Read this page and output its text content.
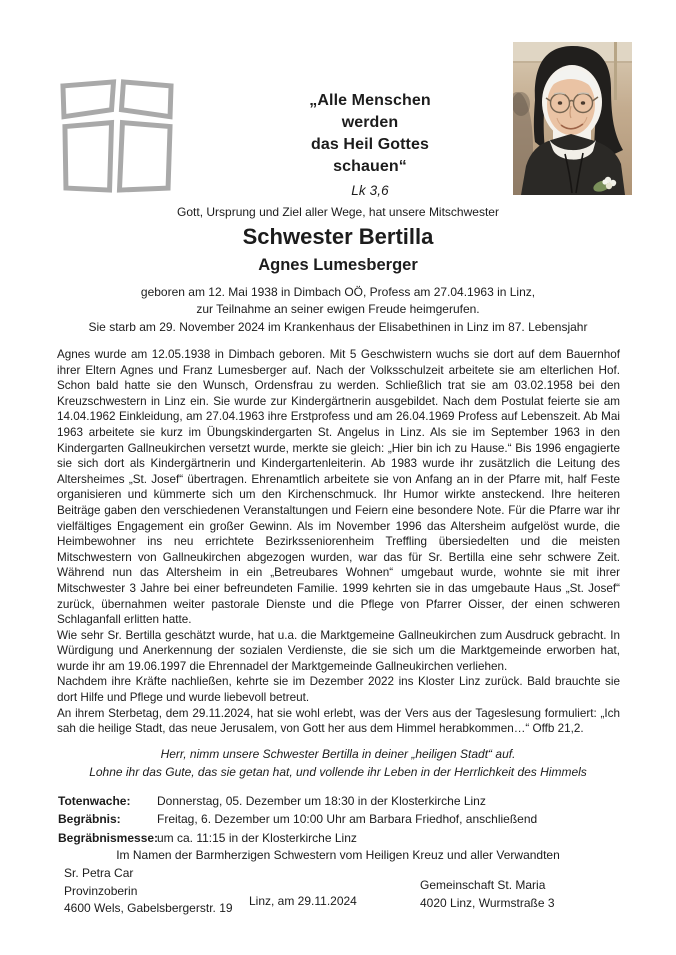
„Alle Menschen
werden
das Heil Gottes
schauen“
Lk 3,6
Gott, Ursprung und Ziel aller Wege, hat unsere Mitschwester
Schwester Bertilla
Agnes Lumesberger
geboren am 12. Mai 1938 in Dimbach OÖ, Profess am 27.04.1963 in Linz,
zur Teilnahme an seiner ewigen Freude heimgerufen.
Sie starb am 29. November 2024 im Krankenhaus der Elisabethinen in Linz im 87. Lebensjahr

Agnes wurde am 12.05.1938 in Dimbach geboren. Mit 5 Geschwistern wuchs sie dort auf dem Bauernhof ihrer Eltern Agnes und Franz Lumesberger auf. Nach der Volksschulzeit arbeitete sie am elterlichen Hof. Schon bald hatte sie den Wunsch, Ordensfrau zu werden. Schließlich trat sie am 03.02.1958 bei den Kreuzschwestern in Linz ein. Sie wurde zur Kindergärtnerin ausgebildet. Nach dem Postulat feierte sie am 14.04.1962 Einkleidung, am 27.04.1963 ihre Erstprofess und am 26.04.1969 Profess auf Lebenszeit. Ab Mai 1963 arbeitete sie kurz im Übungskindergarten St. Angelus in Linz. Als sie im September 1963 in den Kindergarten Gallneukirchen versetzt wurde, merkte sie gleich: „Hier bin ich zu Hause.“ Bis 1996 engagierte sie sich dort als Kindergärtnerin und Kindergartenleiterin. Ab 1983 wurde ihr zusätzlich die Leitung des Altersheimes „St. Josef“ übertragen. Ehrenamtlich arbeitete sie von Anfang an in der Pfarre mit, half Feste organisieren und kümmerte sich um den Kirchenschmuck. Ihr Humor wirkte ansteckend. Ihre heiteren Beiträge gaben den verschiedenen Veranstaltungen und Feiern eine besondere Note. Für die Pfarre war ihr vielfältiges Engagement ein großer Gewinn. Als im November 1996 das Altersheim aufgelöst wurde, die Heimbewohner ins neu errichtete Bezirksseniorenheim Treffling übersiedelten und die meisten Mitschwestern von Gallneukirchen abgezogen wurden, war das für Sr. Bertilla eine sehr schwere Zeit. Während nun das Altersheim in ein „Betreubares Wohnen“ umgebaut wurde, wohnte sie mit ihrer Mitschwester 3 Jahre bei einer befreundeten Familie. 1999 kehrten sie in das umgebaute Haus „St. Josef“ zurück, übernahmen weiter pastorale Dienste und die Pflege von Pfarrer Oisser, der einen schweren Schlaganfall erlitten hatte.

Wie sehr Sr. Bertilla geschätzt wurde, hat u.a. die Marktgemeine Gallneukirchen zum Ausdruck gebracht. In Würdigung und Anerkennung der sozialen Verdienste, die sie sich um die Marktgemeinde erworben hat, wurde ihr am 19.06.1997 die Ehrennadel der Marktgemeinde Gallneukirchen verliehen.

Nachdem ihre Kräfte nachließen, kehrte sie im Dezember 2022 ins Kloster Linz zurück. Bald brauchte sie dort Hilfe und Pflege und wurde liebevoll betreut.

An ihrem Sterbetag, dem 29.11.2024, hat sie wohl erlebt, was der Vers aus der Tageslesung formuliert: „Ich sah die heilige Stadt, das neue Jerusalem, von Gott her aus dem Himmel herabkommen…“ Offb 21,2.

Herr, nimm unsere Schwester Bertilla in deiner „heiligen Stadt“ auf.
Lohne ihr das Gute, das sie getan hat, und vollende ihr Leben in der Herrlichkeit des Himmels
Totenwache:	Donnerstag, 05. Dezember um 18:30 in der Klosterkirche Linz
Begräbnis:	Freitag, 6. Dezember um 10:00 Uhr am Barbara Friedhof, anschließend
Begräbnismesse:
um ca. 11:15 in der Klosterkirche Linz
Im Namen der Barmherzigen Schwestern vom Heiligen Kreuz und aller Verwandten
Sr. Petra Car
Provinzoberin
4600 Wels, Gabelsbergerstr. 19
Linz, am 29.11.2024
Gemeinschaft St. Maria
4020 Linz, Wurmstraße 3
